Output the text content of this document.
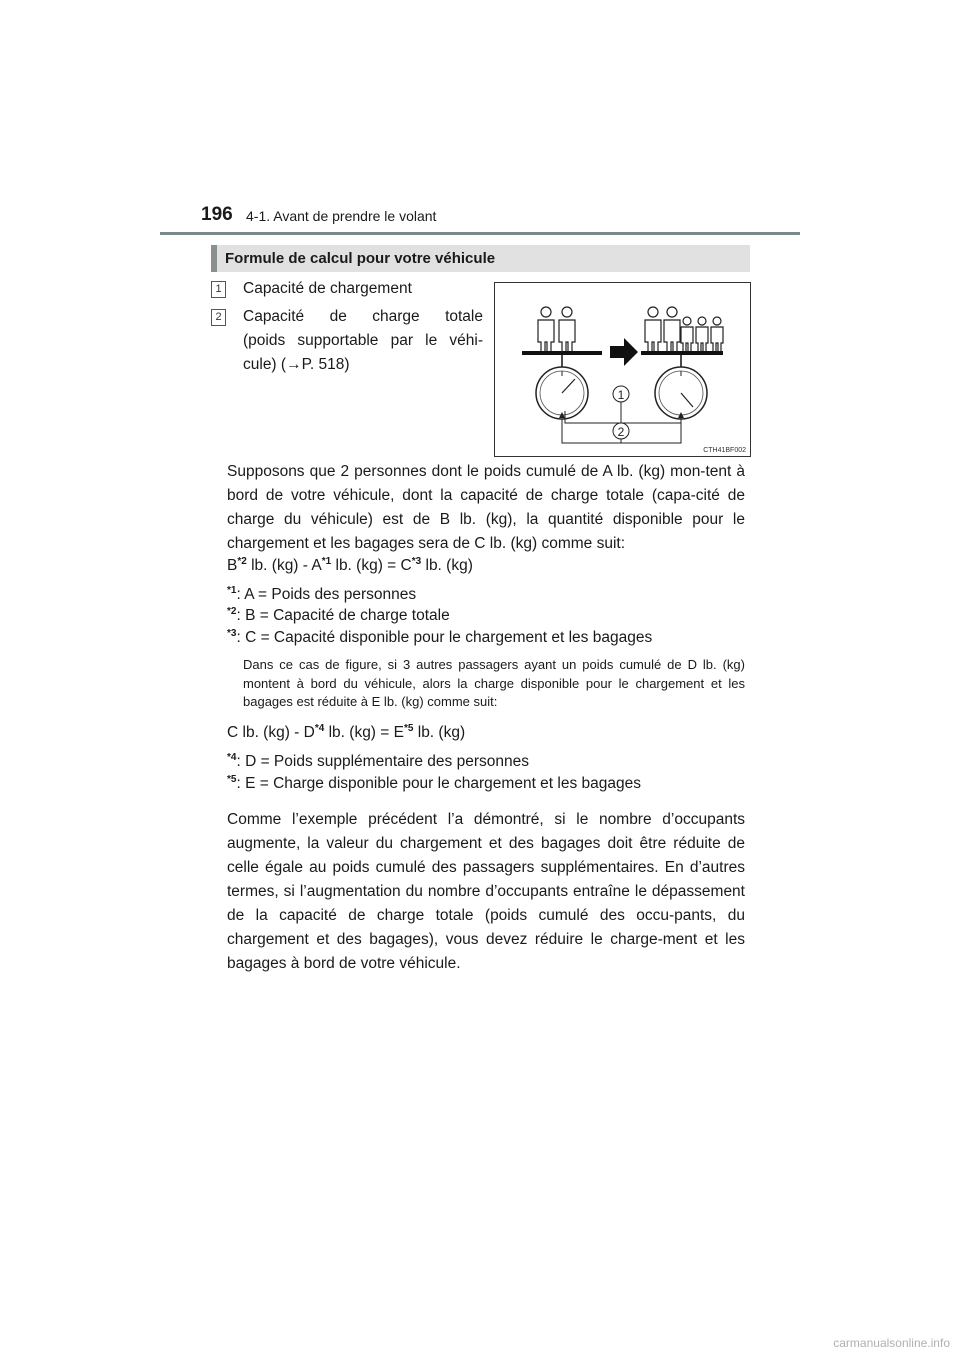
196 4-1. Avant de prendre le volant
Formule de calcul pour votre véhicule
1 Capacité de chargement
2 Capacité de charge totale
(poids supportable par le véhi-
cule) (→P. 518)
1
2
CTH41BF002
Supposons que 2 personnes dont le poids cumulé de A lb. (kg) mon-tent à bord de votre véhicule, dont la capacité de charge totale (capa-cité de charge du véhicule) est de B lb. (kg), la quantité disponible pour le chargement et les bagages sera de C lb. (kg) comme suit:
$B^{*2}$ lb. $(kg) - A^{*1}$ lb. $(kg) = C^{*3}$ lb. (kg)
$^{*1}$: A = Poids des personnes
$^{*2}$: B = Capacité de charge totale
$^{*3}$: C = Capacité disponible pour le chargement et les bagages
Dans ce cas de figure, si 3 autres passagers ayant un poids cumulé de D lb. (kg) montent à bord du véhicule, alors la charge disponible pour le chargement et les bagages est réduite à E lb. (kg) comme suit:
C lb. $(kg) - D^{*4}$ lb. $(kg) = E^{*5}$ lb. (kg)
$^{*4}$: D = Poids supplémentaire des personnes
$^{*5}$: E = Charge disponible pour le chargement et les bagages
Comme l’exemple précédent l’a démontré, si le nombre d’occupants augmente, la valeur du chargement et des bagages doit être réduite de celle égale au poids cumulé des passagers supplémentaires. En d’autres termes, si l’augmentation du nombre d’occupants entraîne le dépassement de la capacité de charge totale (poids cumulé des occu-pants, du chargement et des bagages), vous devez réduire le charge-ment et les bagages à bord de votre véhicule.
carmanualsonline.info
